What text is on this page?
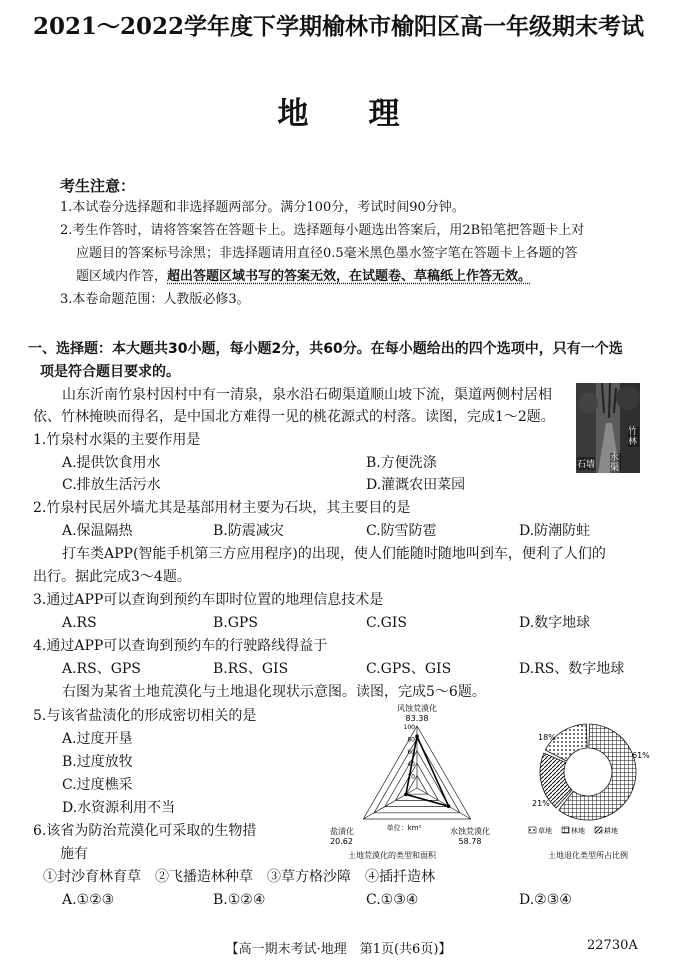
2021～2022学年度下学期榆林市榆阳区高一年级期末考试
地理
考生注意：
1.本试卷分选择题和非选择题两部分。满分100分，考试时间90分钟。
2.考生作答时，请将答案答在答题卡上。选择题每小题选出答案后，用2B铅笔把答题卡上对
应题目的答案标号涂黑；非选择题请用直径0.5毫米黑色墨水签字笔在答题卡上各题的答
题区域内作答，超出答题区域书写的答案无效，在试题卷、草稿纸上作答无效。
3.本卷命题范围：人教版必修3。
一、选择题：本大题共30小题，每小题2分，共60分。在每小题给出的四个选项中，只有一个选
项是符合题目要求的。
山东沂南竹泉村因村中有一清泉，泉水沿石砌渠道顺山坡下流，渠道两侧村居相
依、竹林掩映而得名，是中国北方难得一见的桃花源式的村落。读图，完成1～2题。
石墙
竹林
水渠
1.竹泉村水渠的主要作用是
A.提供饮食用水	B.方便洗涤
C.排放生活污水	D.灌溉农田菜园
2.竹泉村民居外墙尤其是基部用材主要为石块，其主要目的是
A.保温隔热	B.防震减灾	C.防雪防雹	D.防潮防蛀
打车类APP(智能手机第三方应用程序)的出现，使人们能随时随地叫到车，便利了人们的
出行。据此完成3～4题。
3.通过APP可以查询到预约车即时位置的地理信息技术是
A.RS	B.GPS	C.GIS	D.数字地球
4.通过APP可以查询到预约车的行驶路线得益于
A.RS、GPS	B.RS、GIS	C.GPS、GIS	D.RS、数字地球
右图为某省土地荒漠化与土地退化现状示意图。读图，完成5～6题。
5.与该省盐渍化的形成密切相关的是
A.过度开垦
B.过度放牧
C.过度樵采
D.水资源利用不当
6.该省为防治荒漠化可采取的生物措
施有
①封沙育林育草　②飞播造林种草　③草方格沙障　④插扦造林
A.①②③	B.①②④	C.①③④	D.②③④
风蚀荒漠化
83.38
水蚀荒漠化
58.78
盐渍化
20.62
单位：km²
土地荒漠化的类型和面积
100
80
60
40
20
18%
61%
21%
草地	林地	耕地
土地退化类型所占比例
【高一期末考试·地理　第1页(共6页)】	22730A
